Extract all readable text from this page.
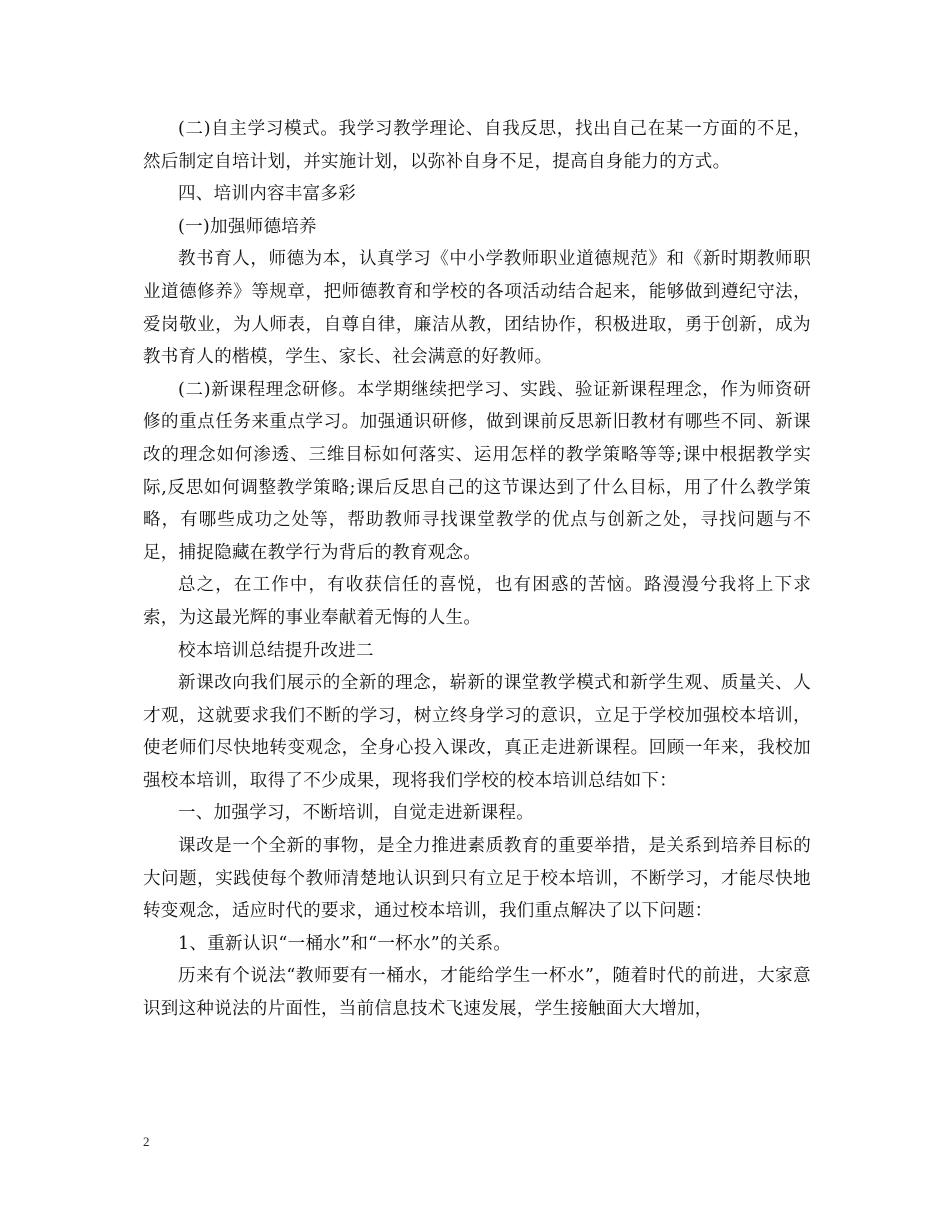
(二)自主学习模式。我学习教学理论、自我反思，找出自己在某一方面的不足，然后制定自培计划，并实施计划，以弥补自身不足，提高自身能力的方式。

四、培训内容丰富多彩

(一)加强师德培养

教书育人，师德为本，认真学习《中小学教师职业道德规范》和《新时期教师职业道德修养》等规章，把师德教育和学校的各项活动结合起来，能够做到遵纪守法，爱岗敬业，为人师表，自尊自律，廉洁从教，团结协作，积极进取，勇于创新，成为教书育人的楷模，学生、家长、社会满意的好教师。

(二)新课程理念研修。本学期继续把学习、实践、验证新课程理念，作为师资研修的重点任务来重点学习。加强通识研修，做到课前反思新旧教材有哪些不同、新课改的理念如何渗透、三维目标如何落实、运用怎样的教学策略等等;课中根据教学实际,反思如何调整教学策略;课后反思自己的这节课达到了什么目标，用了什么教学策略，有哪些成功之处等，帮助教师寻找课堂教学的优点与创新之处，寻找问题与不足，捕捉隐藏在教学行为背后的教育观念。

总之，在工作中，有收获信任的喜悦，也有困惑的苦恼。路漫漫兮我将上下求索，为这最光辉的事业奉献着无悔的人生。

校本培训总结提升改进二

新课改向我们展示的全新的理念，崭新的课堂教学模式和新学生观、质量关、人才观，这就要求我们不断的学习，树立终身学习的意识，立足于学校加强校本培训，使老师们尽快地转变观念，全身心投入课改，真正走进新课程。回顾一年来，我校加强校本培训，取得了不少成果，现将我们学校的校本培训总结如下：

一、加强学习，不断培训，自觉走进新课程。

课改是一个全新的事物，是全力推进素质教育的重要举措，是关系到培养目标的大问题，实践使每个教师清楚地认识到只有立足于校本培训，不断学习，才能尽快地转变观念，适应时代的要求，通过校本培训，我们重点解决了以下问题：

1、重新认识“一桶水”和“一杯水”的关系。

历来有个说法“教师要有一桶水，才能给学生一杯水”，随着时代的前进，大家意识到这种说法的片面性，当前信息技术飞速发展，学生接触面大大增加，

2
